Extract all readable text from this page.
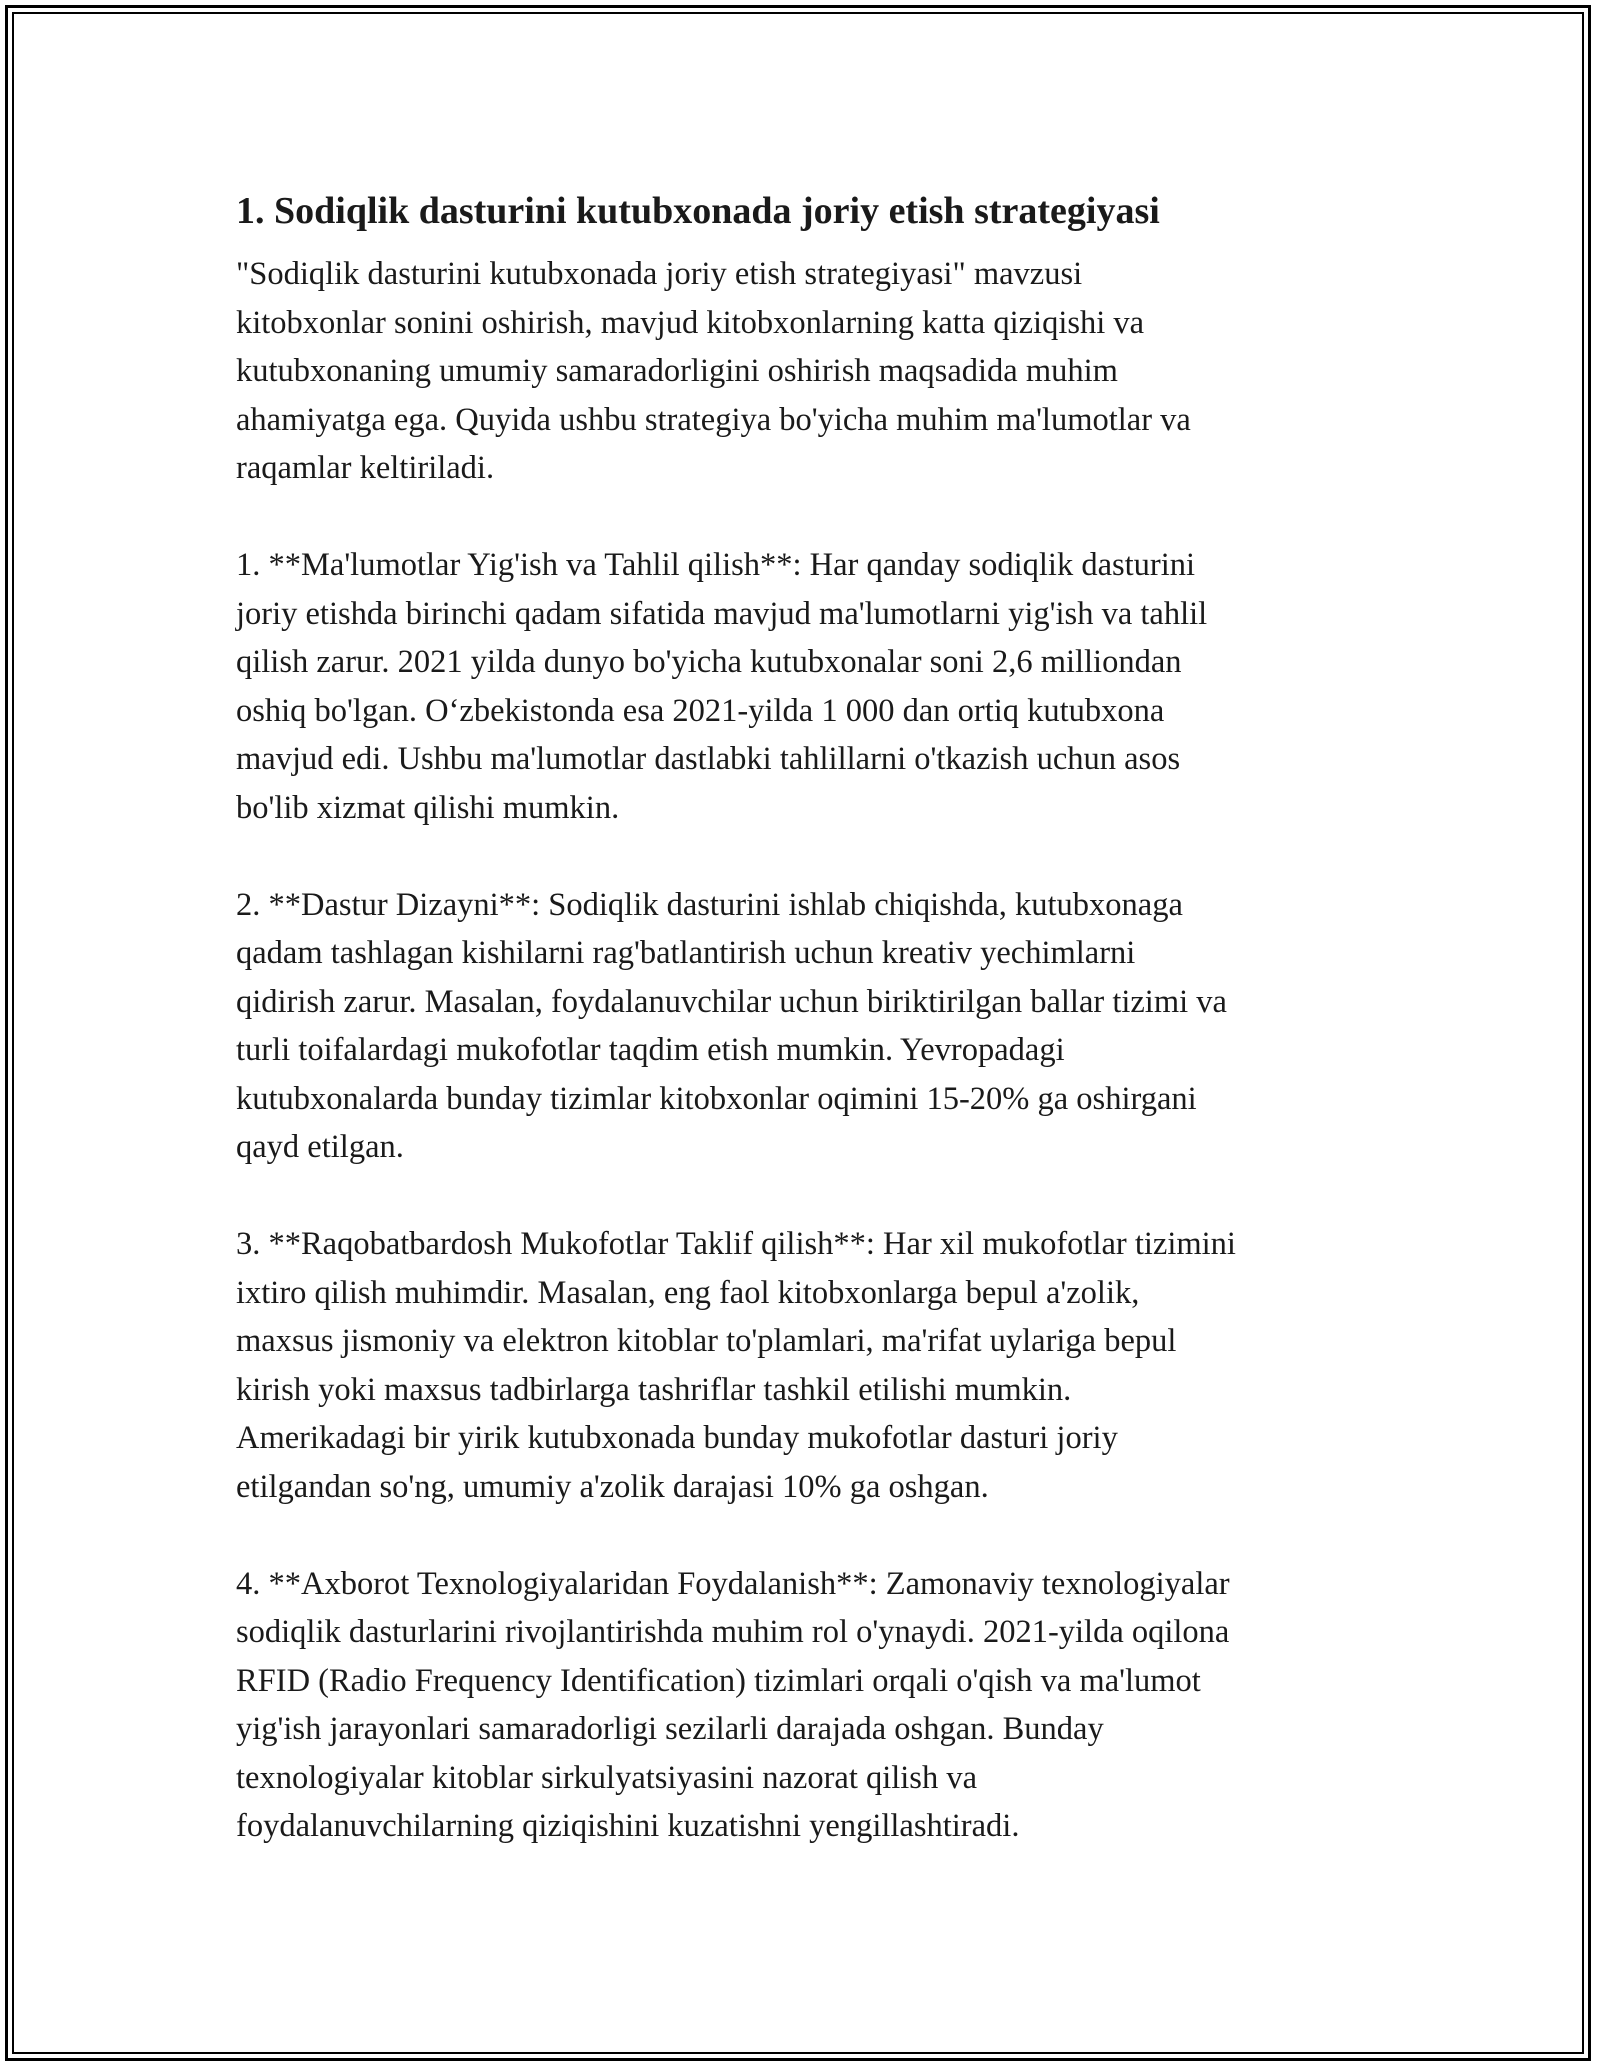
1. Sodiqlik dasturini kutubxonada joriy etish strategiyasi
"Sodiqlik dasturini kutubxonada joriy etish strategiyasi" mavzusi
kitobxonlar sonini oshirish, mavjud kitobxonlarning katta qiziqishi va
kutubxonaning umumiy samaradorligini oshirish maqsadida muhim
ahamiyatga ega. Quyida ushbu strategiya bo'yicha muhim ma'lumotlar va
raqamlar keltiriladi.
1. **Ma'lumotlar Yig'ish va Tahlil qilish**: Har qanday sodiqlik dasturini
joriy etishda birinchi qadam sifatida mavjud ma'lumotlarni yig'ish va tahlil
qilish zarur. 2021 yilda dunyo bo'yicha kutubxonalar soni 2,6 milliondan
oshiq bo'lgan. Oʻzbekistonda esa 2021-yilda 1 000 dan ortiq kutubxona
mavjud edi. Ushbu ma'lumotlar dastlabki tahlillarni o'tkazish uchun asos
bo'lib xizmat qilishi mumkin.
2. **Dastur Dizayni**: Sodiqlik dasturini ishlab chiqishda, kutubxonaga
qadam tashlagan kishilarni rag'batlantirish uchun kreativ yechimlarni
qidirish zarur. Masalan, foydalanuvchilar uchun biriktirilgan ballar tizimi va
turli toifalardagi mukofotlar taqdim etish mumkin. Yevropadagi
kutubxonalarda bunday tizimlar kitobxonlar oqimini 15-20% ga oshirgani
qayd etilgan.
3. **Raqobatbardosh Mukofotlar Taklif qilish**: Har xil mukofotlar tizimini
ixtiro qilish muhimdir. Masalan, eng faol kitobxonlarga bepul a'zolik,
maxsus jismoniy va elektron kitoblar to'plamlari, ma'rifat uylariga bepul
kirish yoki maxsus tadbirlarga tashriflar tashkil etilishi mumkin.
Amerikadagi bir yirik kutubxonada bunday mukofotlar dasturi joriy
etilgandan so'ng, umumiy a'zolik darajasi 10% ga oshgan.
4. **Axborot Texnologiyalaridan Foydalanish**: Zamonaviy texnologiyalar
sodiqlik dasturlarini rivojlantirishda muhim rol o'ynaydi. 2021-yilda oqilona
RFID (Radio Frequency Identification) tizimlari orqali o'qish va ma'lumot
yig'ish jarayonlari samaradorligi sezilarli darajada oshgan. Bunday
texnologiyalar kitoblar sirkulyatsiyasini nazorat qilish va
foydalanuvchilarning qiziqishini kuzatishni yengillashtiradi.
